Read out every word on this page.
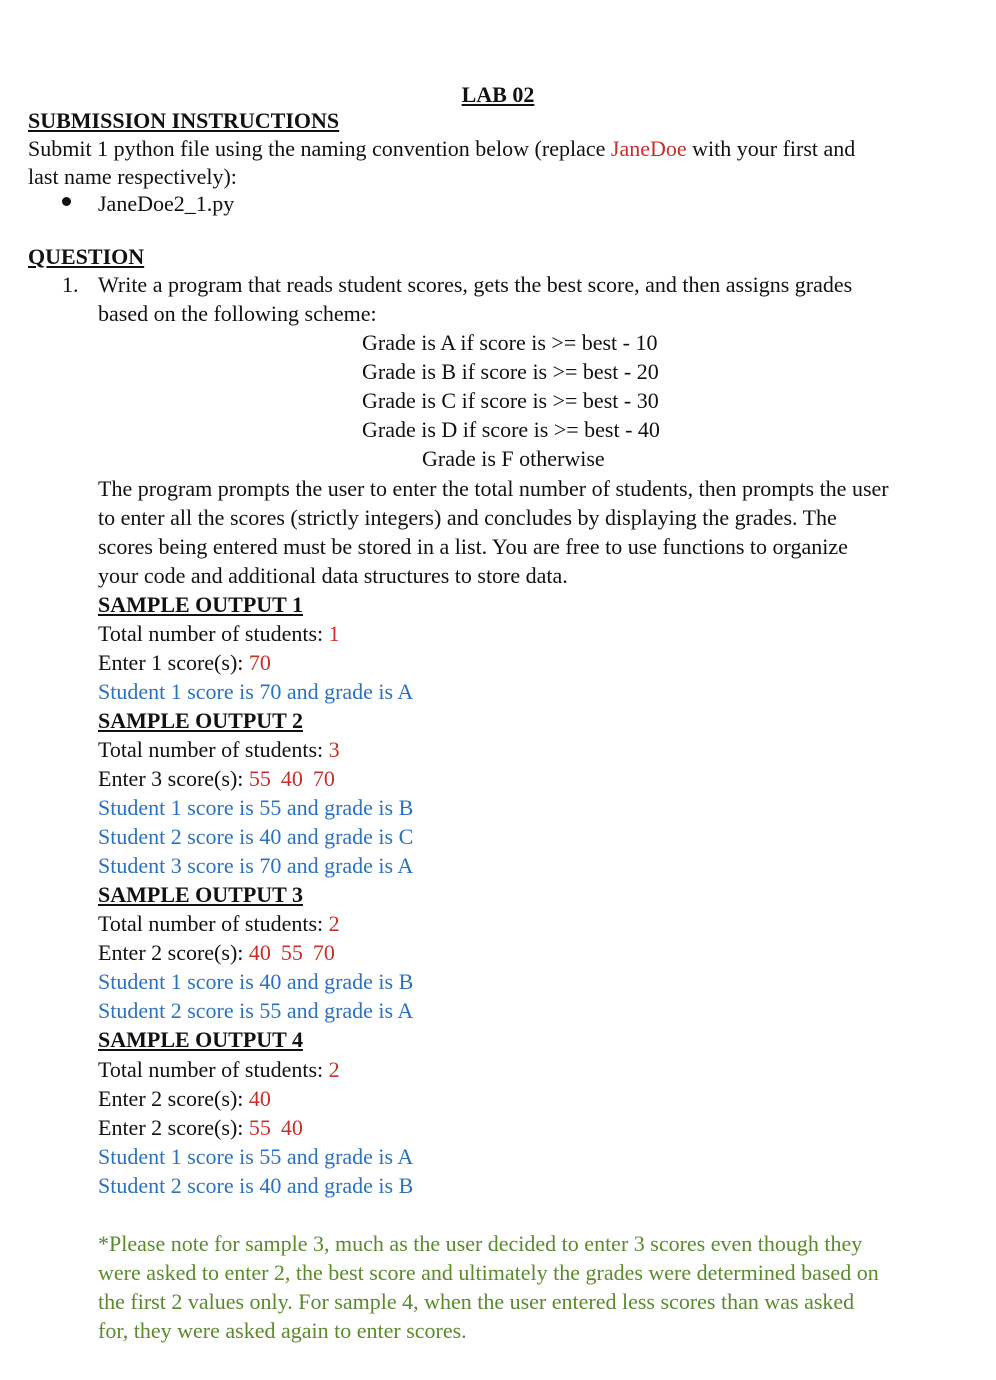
LAB 02
SUBMISSION INSTRUCTIONS
Submit 1 python file using the naming convention below (replace JaneDoe with your first and
last name respectively):
JaneDoe2_1.py
QUESTION
1. Write a program that reads student scores, gets the best score, and then assigns grades
based on the following scheme:
Grade is A if score is >= best - 10
Grade is B if score is >= best - 20
Grade is C if score is >= best - 30
Grade is D if score is >= best - 40
Grade is F otherwise
The program prompts the user to enter the total number of students, then prompts the user
to enter all the scores (strictly integers) and concludes by displaying the grades. The
scores being entered must be stored in a list. You are free to use functions to organize
your code and additional data structures to store data.
SAMPLE OUTPUT 1
Total number of students: 1
Enter 1 score(s): 70
Student 1 score is 70 and grade is A
SAMPLE OUTPUT 2
Total number of students: 3
Enter 3 score(s): 55 40 70
Student 1 score is 55 and grade is B
Student 2 score is 40 and grade is C
Student 3 score is 70 and grade is A
SAMPLE OUTPUT 3
Total number of students: 2
Enter 2 score(s): 40 55 70
Student 1 score is 40 and grade is B
Student 2 score is 55 and grade is A
SAMPLE OUTPUT 4
Total number of students: 2
Enter 2 score(s): 40
Enter 2 score(s): 55 40
Student 1 score is 55 and grade is A
Student 2 score is 40 and grade is B
*Please note for sample 3, much as the user decided to enter 3 scores even though they
were asked to enter 2, the best score and ultimately the grades were determined based on
the first 2 values only. For sample 4, when the user entered less scores than was asked
for, they were asked again to enter scores.
